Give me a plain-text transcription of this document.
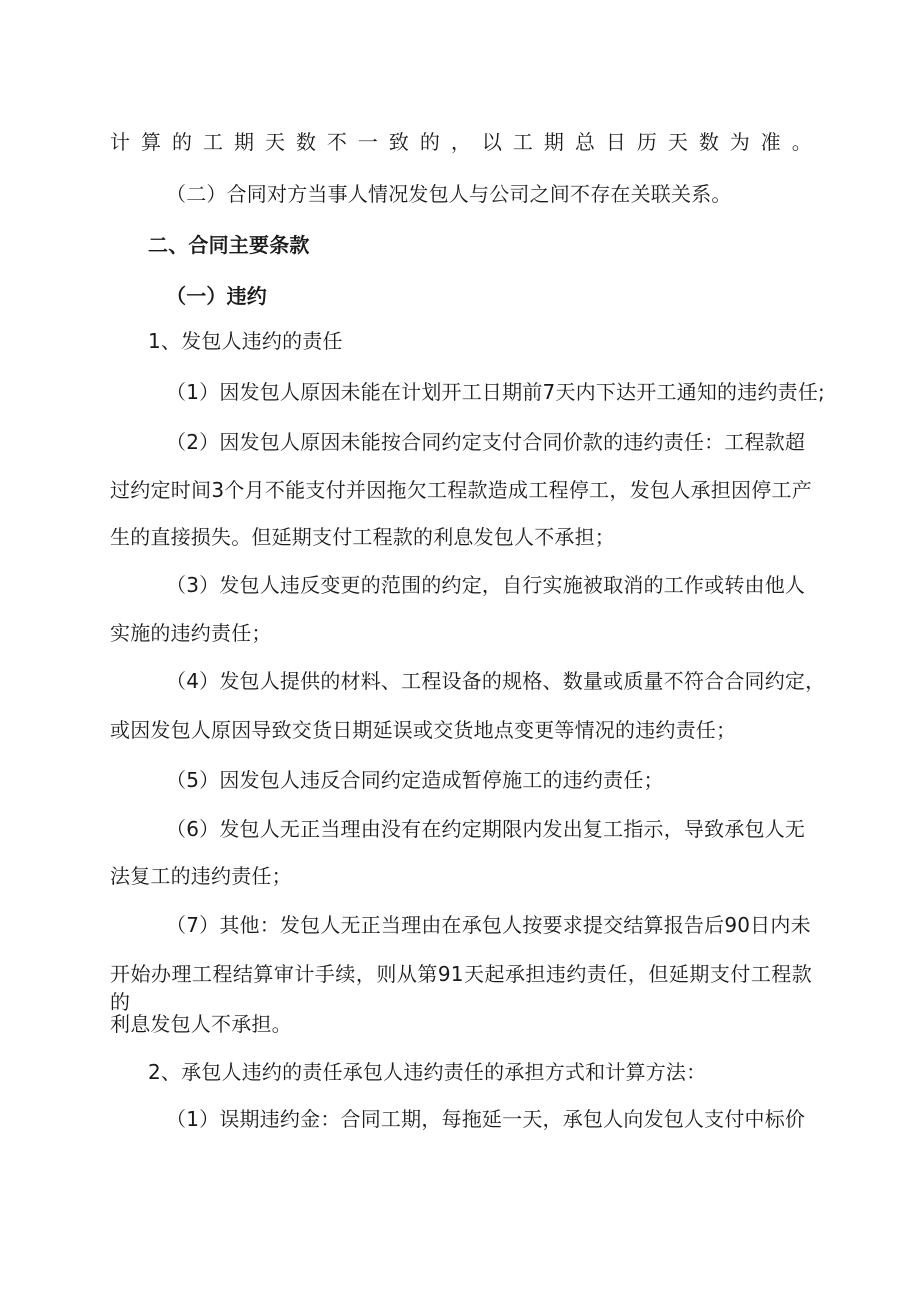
计算的工期天数不一致的，以工期总日历天数为准。
（二）合同对方当事人情况发包人与公司之间不存在关联关系。
二、合同主要条款
（一）违约
1、发包人违约的责任
（1）因发包人原因未能在计划开工日期前7天内下达开工通知的违约责任;
（2）因发包人原因未能按合同约定支付合同价款的违约责任：工程款超
过约定时间3个月不能支付并因拖欠工程款造成工程停工，发包人承担因停工产
生的直接损失。但延期支付工程款的利息发包人不承担；
（3）发包人违反变更的范围的约定，自行实施被取消的工作或转由他人
实施的违约责任；
（4）发包人提供的材料、工程设备的规格、数量或质量不符合合同约定，
或因发包人原因导致交货日期延误或交货地点变更等情况的违约责任；
（5）因发包人违反合同约定造成暂停施工的违约责任；
（6）发包人无正当理由没有在约定期限内发出复工指示，导致承包人无
法复工的违约责任；
（7）其他：发包人无正当理由在承包人按要求提交结算报告后90日内未
开始办理工程结算审计手续，则从第91天起承担违约责任，但延期支付工程款的
利息发包人不承担。
2、承包人违约的责任承包人违约责任的承担方式和计算方法：
（1）误期违约金：合同工期，每拖延一天，承包人向发包人支付中标价
